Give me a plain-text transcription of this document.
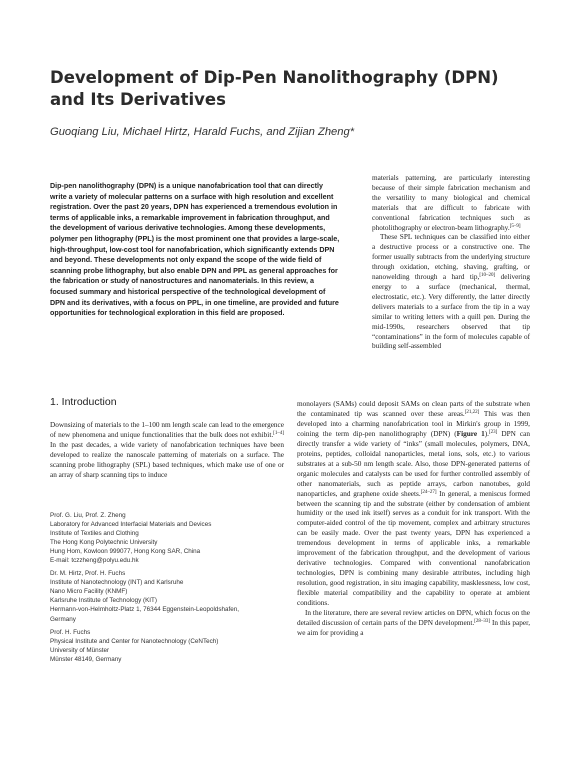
Development of Dip-Pen Nanolithography (DPN)
and Its Derivatives
Guoqiang Liu, Michael Hirtz, Harald Fuchs, and Zijian Zheng*

Dip-pen nanolithography (DPN) is a unique nanofabrication tool that can directly write a variety of molecular patterns on a surface with high resolution and excellent registration. Over the past 20 years, DPN has experienced a tremendous evolution in terms of applicable inks, a remarkable improvement in fabrication throughput, and the development of various derivative technologies. Among these developments, polymer pen lithography (PPL) is the most prominent one that provides a large-scale, high-throughput, low-cost tool for nanofabrication, which significantly extends DPN and beyond. These developments not only expand the scope of the wide field of scanning probe lithography, but also enable DPN and PPL as general approaches for the fabrication or study of nanostructures and nanomaterials. In this review, a focused summary and historical perspective of the technological development of DPN and its derivatives, with a focus on PPL, in one timeline, are provided and future opportunities for technological exploration in this field are proposed.

materials patterning, are particularly interesting because of their simple fabrication mechanism and the versatility to many biological and chemical materials that are difficult to fabricate with conventional fabrication techniques such as photolithography or electron-beam lithography.[5–9]

These SPL techniques can be classified into either a destructive process or a constructive one. The former usually subtracts from the underlying structure through oxidation, etching, shaving, grafting, or nanowelding through a hard tip,[10–20] delivering energy to a surface (mechanical, thermal, electrostatic, etc.). Very differently, the latter directly delivers materials to a surface from the tip in a way similar to writing letters with a quill pen. During the mid-1990s, researchers observed that tip “contaminations” in the form of molecules capable of building self-assembled

1. Introduction

Downsizing of materials to the 1–100 nm length scale can lead to the emergence of new phenomena and unique functionalities that the bulk does not exhibit.[1–4] In the past decades, a wide variety of nanofabrication techniques have been developed to realize the nanoscale patterning of materials on a surface. The scanning probe lithography (SPL) based techniques, which make use of one or an array of sharp scanning tips to induce

Prof. G. Liu, Prof. Z. Zheng
Laboratory for Advanced Interfacial Materials and Devices
Institute of Textiles and Clothing
The Hong Kong Polytechnic University
Hung Hom, Kowloon 999077, Hong Kong SAR, China
E-mail: tczzheng@polyu.edu.hk
Dr. M. Hirtz, Prof. H. Fuchs
Institute of Nanotechnology (INT) and Karlsruhe
Nano Micro Facility (KNMF)
Karlsruhe Institute of Technology (KIT)
Hermann-von-Helmholtz-Platz 1, 76344 Eggenstein-Leopoldshafen,
Germany
Prof. H. Fuchs
Physical Institute and Center for Nanotechnology (CeNTech)
University of Münster
Münster 48149, Germany

monolayers (SAMs) could deposit SAMs on clean parts of the substrate when the contaminated tip was scanned over these areas.[21,22] This was then developed into a charming nanofabrication tool in Mirkin's group in 1999, coining the term dip-pen nanolithography (DPN) (Figure 1).[23] DPN can directly transfer a wide variety of “inks” (small molecules, polymers, DNA, proteins, peptides, colloidal nanoparticles, metal ions, sols, etc.) to various substrates at a sub-50 nm length scale. Also, those DPN-generated patterns of organic molecules and catalysts can be used for further controlled assembly of other nanomaterials, such as peptide arrays, carbon nanotubes, gold nanoparticles, and graphene oxide sheets.[24–27] In general, a meniscus formed between the scanning tip and the substrate (either by condensation of ambient humidity or the used ink itself) serves as a conduit for ink transport. With the computer-aided control of the tip movement, complex and arbitrary structures can be easily made. Over the past twenty years, DPN has experienced a tremendous development in terms of applicable inks, a remarkable improvement of the fabrication throughput, and the development of various derivative technologies. Compared with conventional nanofabrication technologies, DPN is combining many desirable attributes, including high resolution, good registration, in situ imaging capability, masklessness, low cost, flexible material compatibility and the capability to operate at ambient conditions.

In the literature, there are several review articles on DPN, which focus on the detailed discussion of certain parts of the DPN development.[28–33] In this paper, we aim for providing a
